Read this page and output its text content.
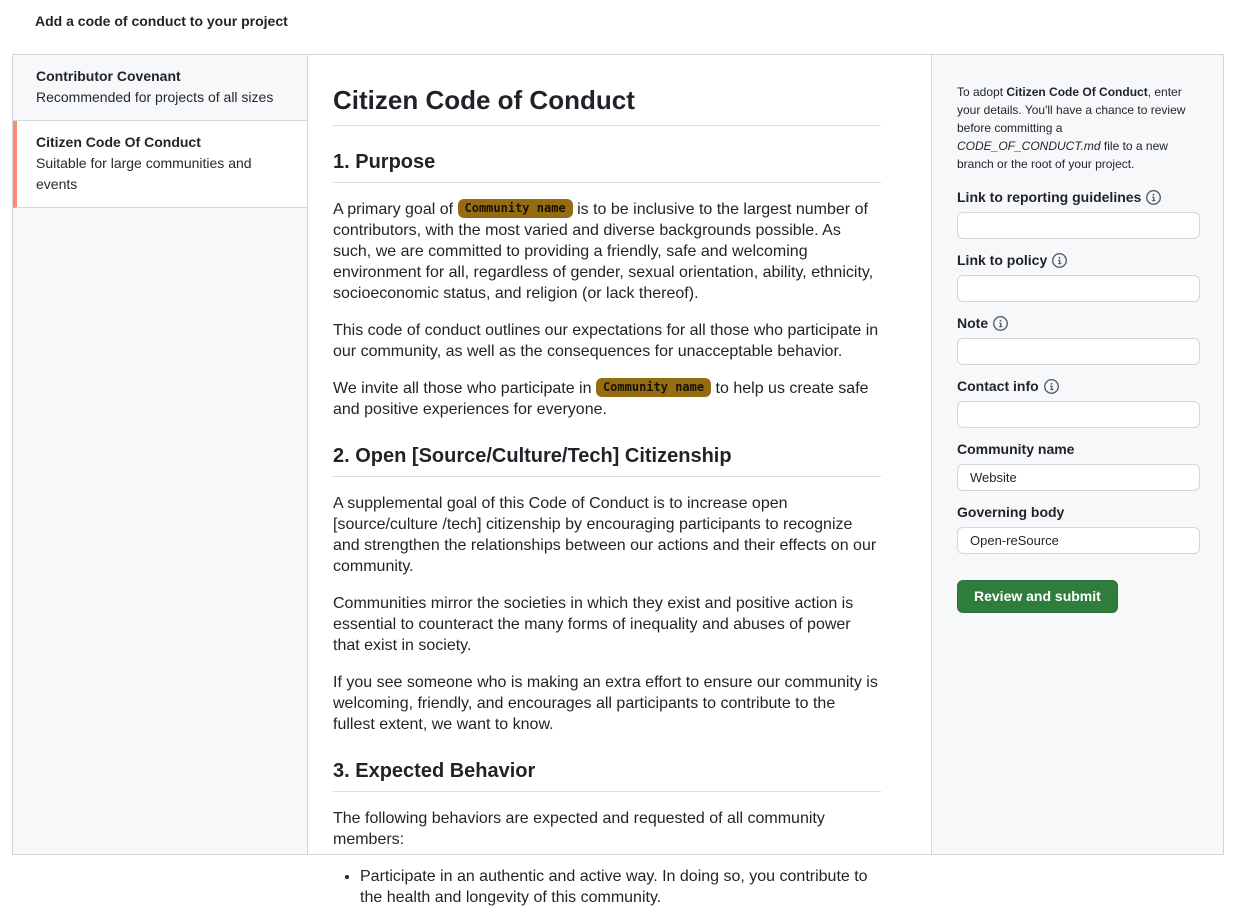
Add a code of conduct to your project
Contributor Covenant
Recommended for projects of all sizes
Citizen Code Of Conduct
Suitable for large communities and events
Citizen Code of Conduct
1. Purpose

A primary goal of Community name is to be inclusive to the largest number of contributors, with the most varied and diverse backgrounds possible. As such, we are committed to providing a friendly, safe and welcoming environment for all, regardless of gender, sexual orientation, ability, ethnicity, socioeconomic status, and religion (or lack thereof).

This code of conduct outlines our expectations for all those who participate in our community, as well as the consequences for unacceptable behavior.

We invite all those who participate in Community name to help us create safe and positive experiences for everyone.

2. Open [Source/Culture/Tech] Citizenship

A supplemental goal of this Code of Conduct is to increase open [source/culture /tech] citizenship by encouraging participants to recognize and strengthen the relationships between our actions and their effects on our community.

Communities mirror the societies in which they exist and positive action is essential to counteract the many forms of inequality and abuses of power that exist in society.

If you see someone who is making an extra effort to ensure our community is welcoming, friendly, and encourages all participants to contribute to the fullest extent, we want to know.

3. Expected Behavior

The following behaviors are expected and requested of all community members:

• Participate in an authentic and active way. In doing so, you contribute to the health and longevity of this community.

To adopt Citizen Code Of Conduct, enter your details. You'll have a chance to review before committing a CODE_OF_CONDUCT.md file to a new branch or the root of your project.

Link to reporting guidelines
Link to policy
Note
Contact info
Community name
Website
Governing body
Open-reSource
Review and submit
